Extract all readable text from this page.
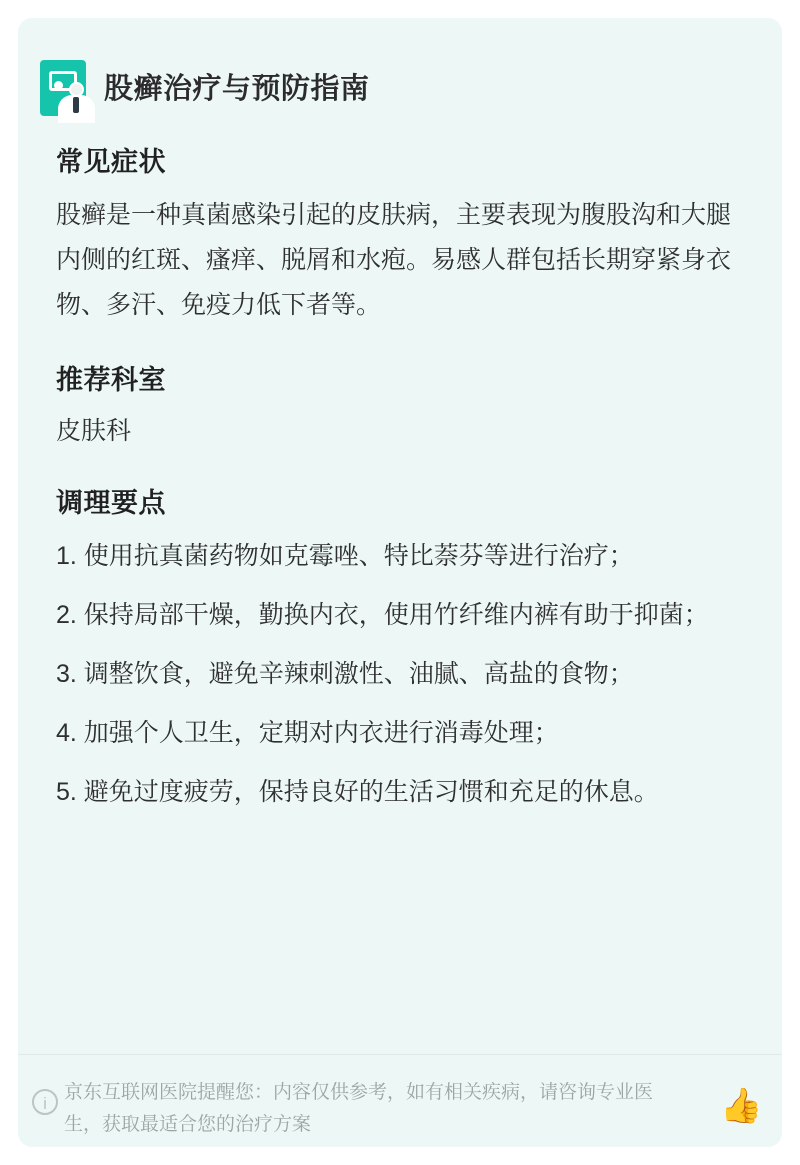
股癣治疗与预防指南
常见症状

股癣是一种真菌感染引起的皮肤病，主要表现为腹股沟和大腿内侧的红斑、瘙痒、脱屑和水疱。易感人群包括长期穿紧身衣物、多汗、免疫力低下者等。

推荐科室

皮肤科

调理要点
1. 使用抗真菌药物如克霉唑、特比萘芬等进行治疗；
2. 保持局部干燥，勤换内衣，使用竹纤维内裤有助于抑菌；
3. 调整饮食，避免辛辣刺激性、油腻、高盐的食物；
4. 加强个人卫生，定期对内衣进行消毒处理；
5. 避免过度疲劳，保持良好的生活习惯和充足的休息。
i
京东互联网医院提醒您：内容仅供参考，如有相关疾病，请咨询专业医生，获取最适合您的治疗方案	👍
